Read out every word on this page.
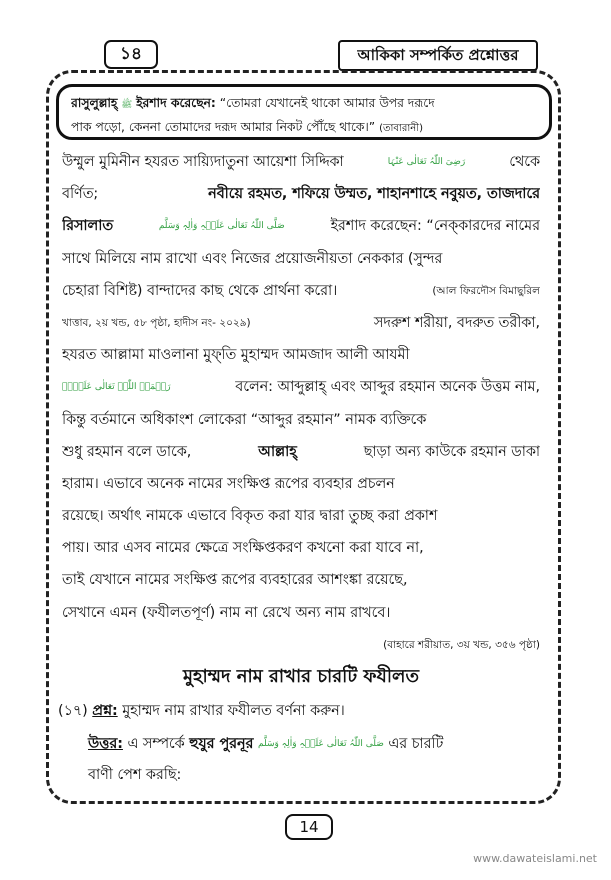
১৪	আকিকা সম্পর্কিত প্রশ্নোত্তর
রাসুলুল্লাহ্ ﷺ ইরশাদ করেছেন: “তোমরা যেখানেই থাকো আমার উপর দরূদে
পাক পড়ো, কেননা তোমাদের দরূদ আমার নিকট পৌঁছে থাকে।” (তাবারানী)
উম্মুল মুমিনীন হযরত সায়্যিদাতুনা আয়েশা সিদ্দিকা	رَضِیَ اللّٰہُ تَعَالٰی عَنْہَا	থেকে
বর্ণিত;	নবীয়ে রহমত, শফিয়ে উম্মত, শাহানশাহে নবুয়ত, তাজদারে
রিসালাত	صَلَّی اللّٰہُ تَعَالٰی عَلَیۡہِ وَاٰلِہٖ وَسَلَّم	ইরশাদ করেছেন: “নেক্‌কারদের নামের
সাথে মিলিয়ে নাম রাখো এবং নিজের প্রয়োজনীয়তা নেককার (সুন্দর
চেহারা বিশিষ্ট) বান্দাদের কাছ থেকে প্রার্থনা করো।	(আল ফিরদৌস বিমাছুরিল
খাত্তাব, ২য় খন্ড, ৫৮ পৃষ্ঠা, হাদীস নং- ২০২৯)	সদরুশ শরীয়া, বদরুত তরীকা,
হযরত আল্লামা মাওলানা মুফ্‌তি মুহাম্মদ আমজাদ আলী আযমী
رَحۡمَۃُ اللّٰہِ تَعَالٰی عَلَیۡہِ	বলেন: আব্দুল্লাহ্ এবং আব্দুর রহমান অনেক উত্তম নাম,
কিন্তু বর্তমানে অধিকাংশ লোকেরা “আব্দুর রহমান” নামক ব্যক্তিকে
শুধু রহমান বলে ডাকে,	আল্লাহ্	ছাড়া অন্য কাউকে রহমান ডাকা
হারাম। এভাবে অনেক নামের সংক্ষিপ্ত রূপের ব্যবহার প্রচলন
রয়েছে। অর্থাৎ নামকে এভাবে বিকৃত করা যার দ্বারা তুচ্ছ করা প্রকাশ
পায়। আর এসব নামের ক্ষেত্রে সংক্ষিপ্তকরণ কখনো করা যাবে না,
তাই যেখানে নামের সংক্ষিপ্ত রূপের ব্যবহারের আশংঙ্কা রয়েছে,
সেখানে এমন (ফযীলতপূর্ণ) নাম না রেখে অন্য নাম রাখবে।
(বাহারে শরীয়াত, ৩য় খন্ড, ৩৫৬ পৃষ্ঠা)
মুহাম্মদ নাম রাখার চারটি ফযীলত
(১৭) প্রশ্ন: মুহাম্মদ নাম রাখার ফযীলত বর্ণনা করুন।
উত্তর:
এ সম্পর্কে
হুযুর পুরনূর
صَلَّی اللّٰہُ تَعَالٰی عَلَیۡہِ وَاٰلِہٖ وَسَلَّم
এর চারটি
বাণী পেশ করছি:
14
www.dawateislami.net
